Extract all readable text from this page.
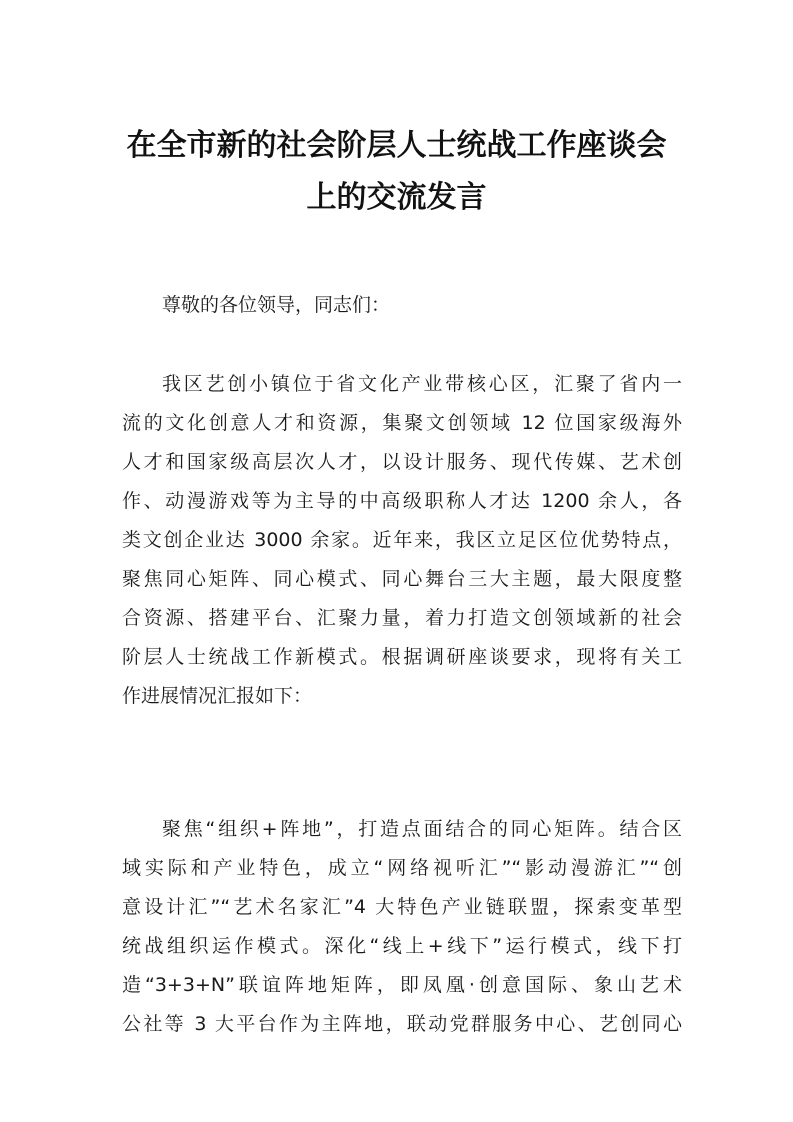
在全市新的社会阶层人士统战工作座谈会
上的交流发言

尊敬的各位领导，同志们：

我区艺创小镇位于省文化产业带核心区，汇聚了省内一
流的文化创意人才和资源，集聚文创领域 12 位国家级海外
人才和国家级高层次人才，以设计服务、现代传媒、艺术创
作、动漫游戏等为主导的中高级职称人才达 1200 余人，各
类文创企业达 3000 余家。近年来，我区立足区位优势特点，
聚焦同心矩阵、同心模式、同心舞台三大主题，最大限度整
合资源、搭建平台、汇聚力量，着力打造文创领域新的社会
阶层人士统战工作新模式。根据调研座谈要求，现将有关工
作进展情况汇报如下：
聚焦“组织+阵地”，打造点面结合的同心矩阵。结合区
域实际和产业特色，成立“网络视听汇”“影动漫游汇”“创
意设计汇”“艺术名家汇”4 大特色产业链联盟，探索变革型
统战组织运作模式。深化“线上+线下”运行模式，线下打
造“3+3+N”联谊阵地矩阵，即凤凰·创意国际、象山艺术
公社等 3 大平台作为主阵地，联动党群服务中心、艺创同心
